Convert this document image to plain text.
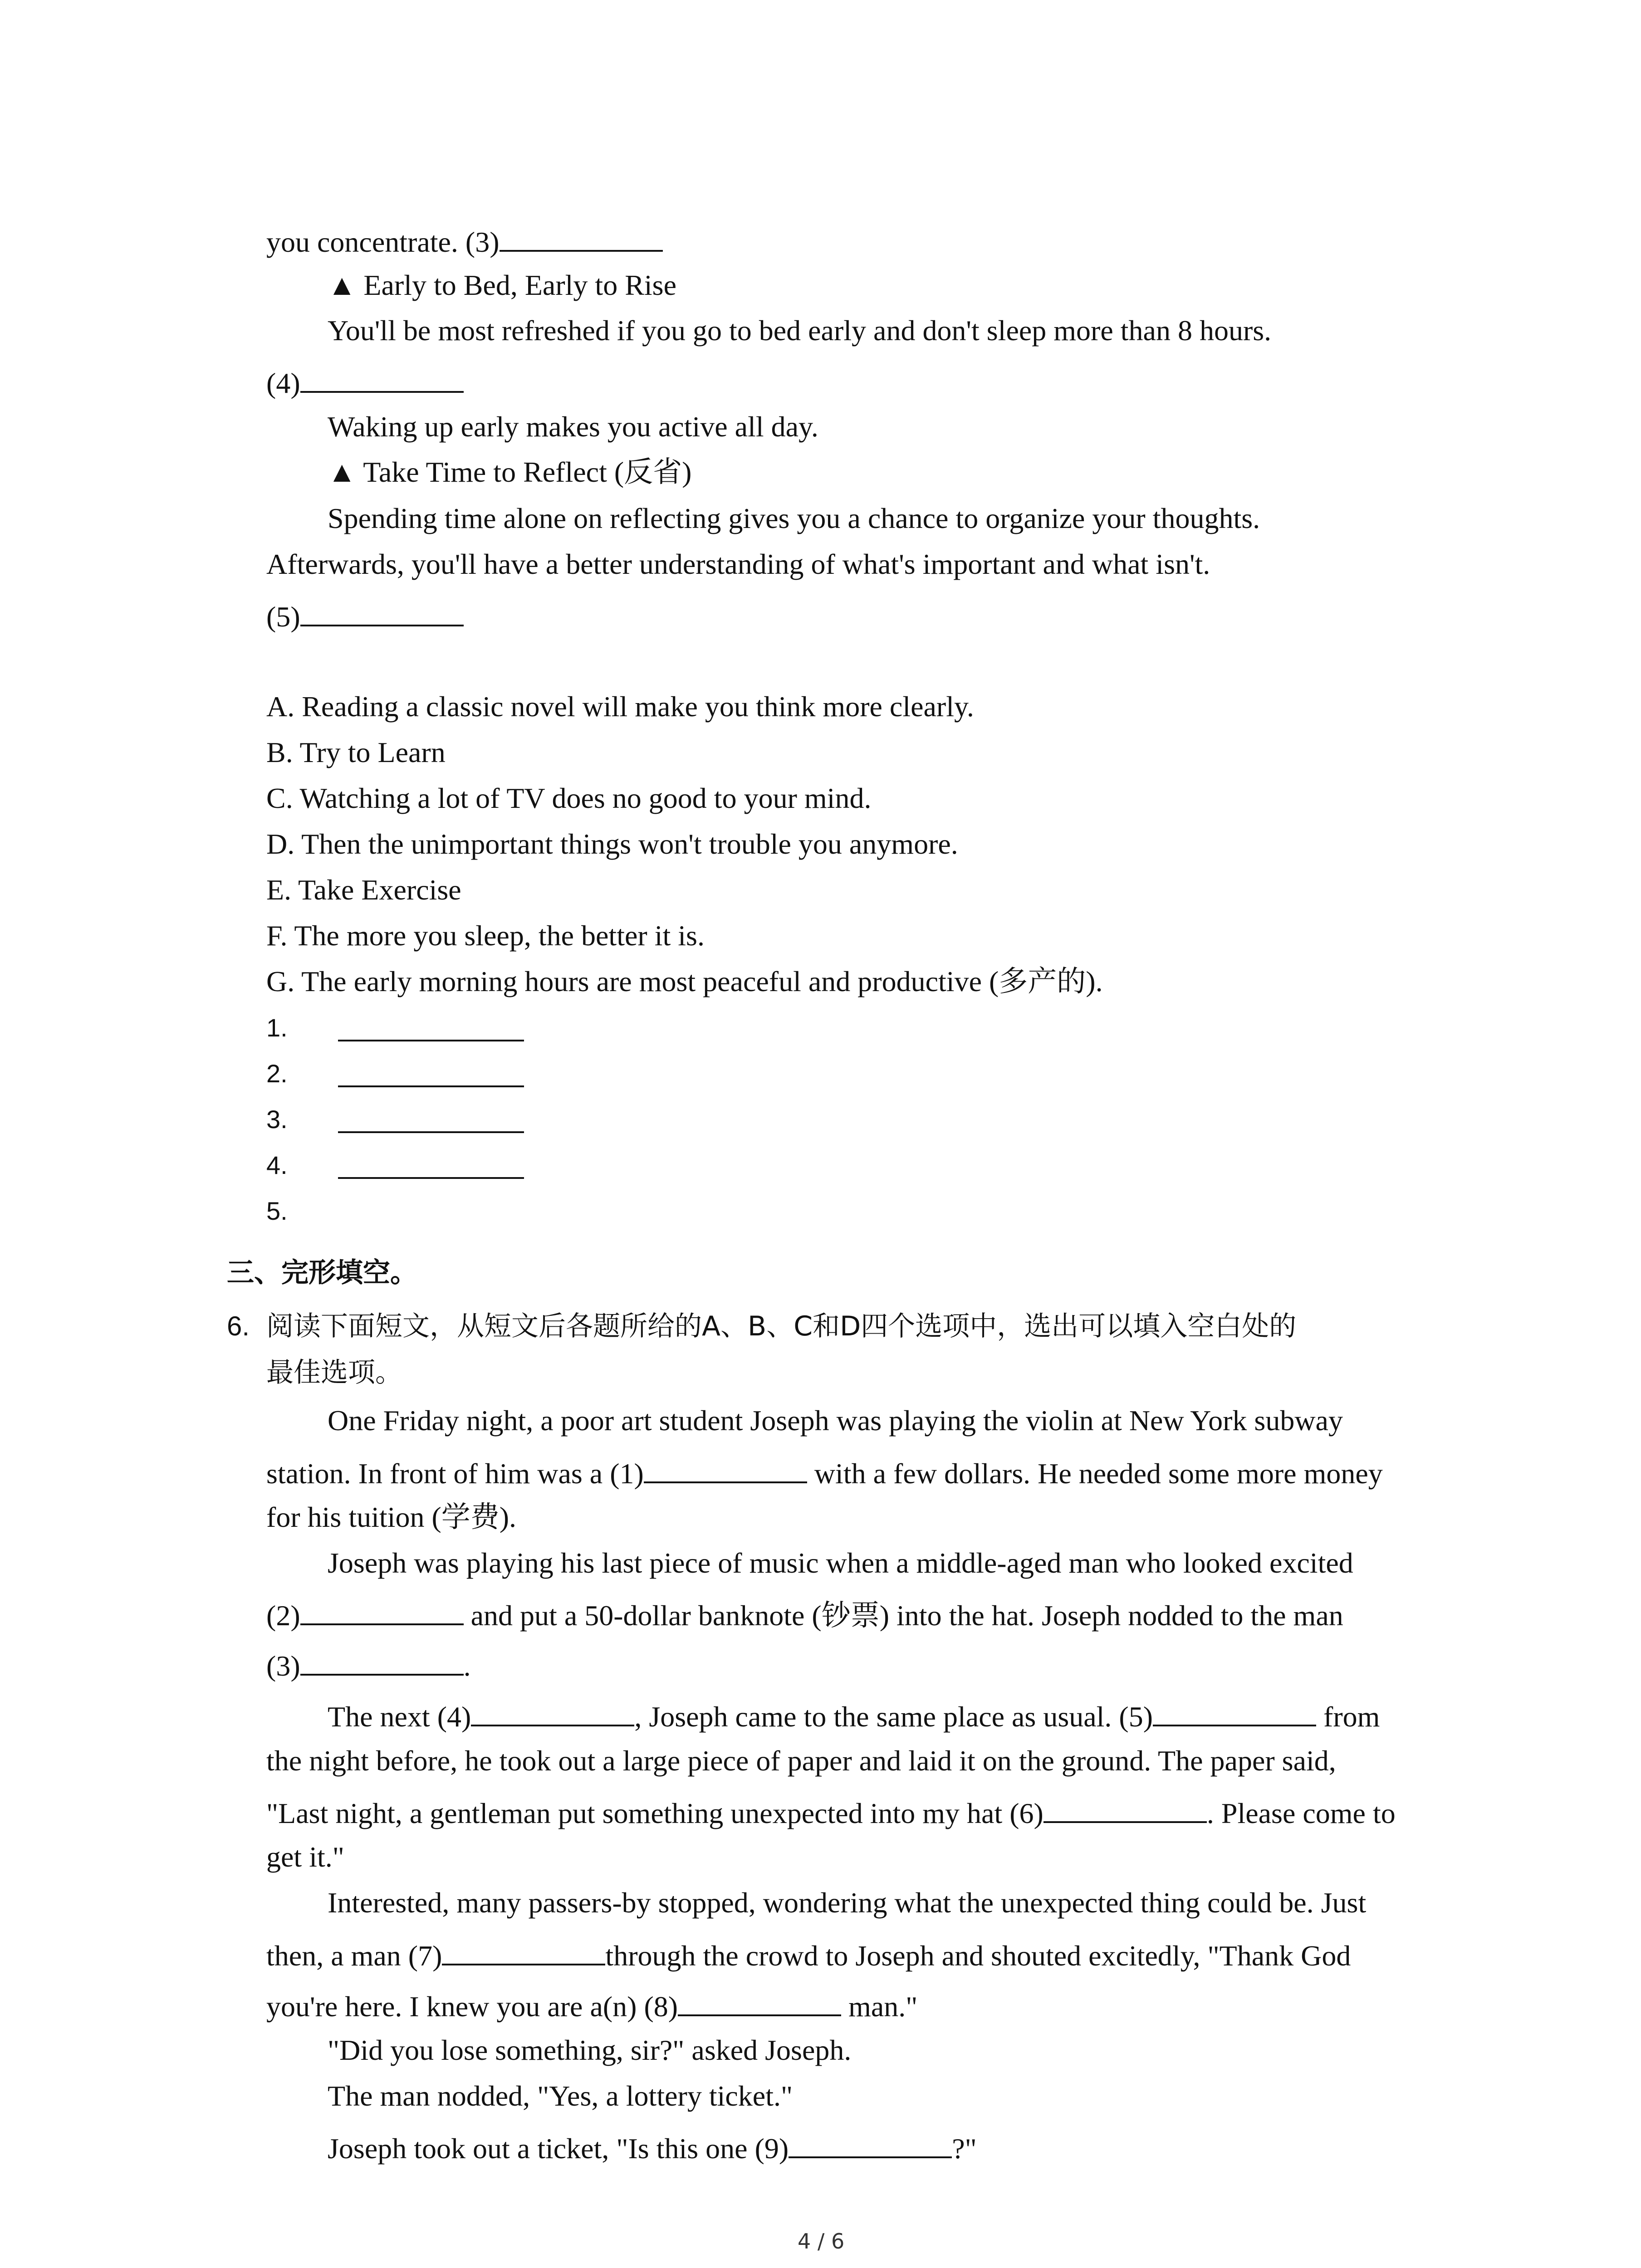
you concentrate. (3)
▲ Early to Bed, Early to Rise
You'll be most refreshed if you go to bed early and don't sleep more than 8 hours.
(4)
Waking up early makes you active all day.
▲ Take Time to Reflect (反省)
Spending time alone on reflecting gives you a chance to organize your thoughts.
Afterwards, you'll have a better understanding of what's important and what isn't.
(5)
A. Reading a classic novel will make you think more clearly.
B. Try to Learn
C. Watching a lot of TV does no good to your mind.
D. Then the unimportant things won't trouble you anymore.
E. Take Exercise
F. The more you sleep, the better it is.
G. The early morning hours are most peaceful and productive (多产的).
1.
2.
3.
4.
5.
三、完形填空。
6. 阅读下面短文，从短文后各题所给的A、B、C和D四个选项中，选出可以填入空白处的
最佳选项。
One Friday night, a poor art student Joseph was playing the violin at New York subway
station. In front of him was a (1)	with a few dollars. He needed some more money
for his tuition (学费).
Joseph was playing his last piece of music when a middle-aged man who looked excited
(2)	and put a 50-dollar banknote (钞票) into the hat. Joseph nodded to the man
(3)	.
The next (4)	, Joseph came to the same place as usual. (5)	from
the night before, he took out a large piece of paper and laid it on the ground. The paper said,
"Last night, a gentleman put something unexpected into my hat (6)	. Please come to
get it."
Interested, many passers-by stopped, wondering what the unexpected thing could be. Just
then, a man (7)	through the crowd to Joseph and shouted excitedly, "Thank God
you're here. I knew you are a(n) (8)	man."
"Did you lose something, sir?" asked Joseph.
The man nodded, "Yes, a lottery ticket."
Joseph took out a ticket, "Is this one (9)	?"
4 / 6
